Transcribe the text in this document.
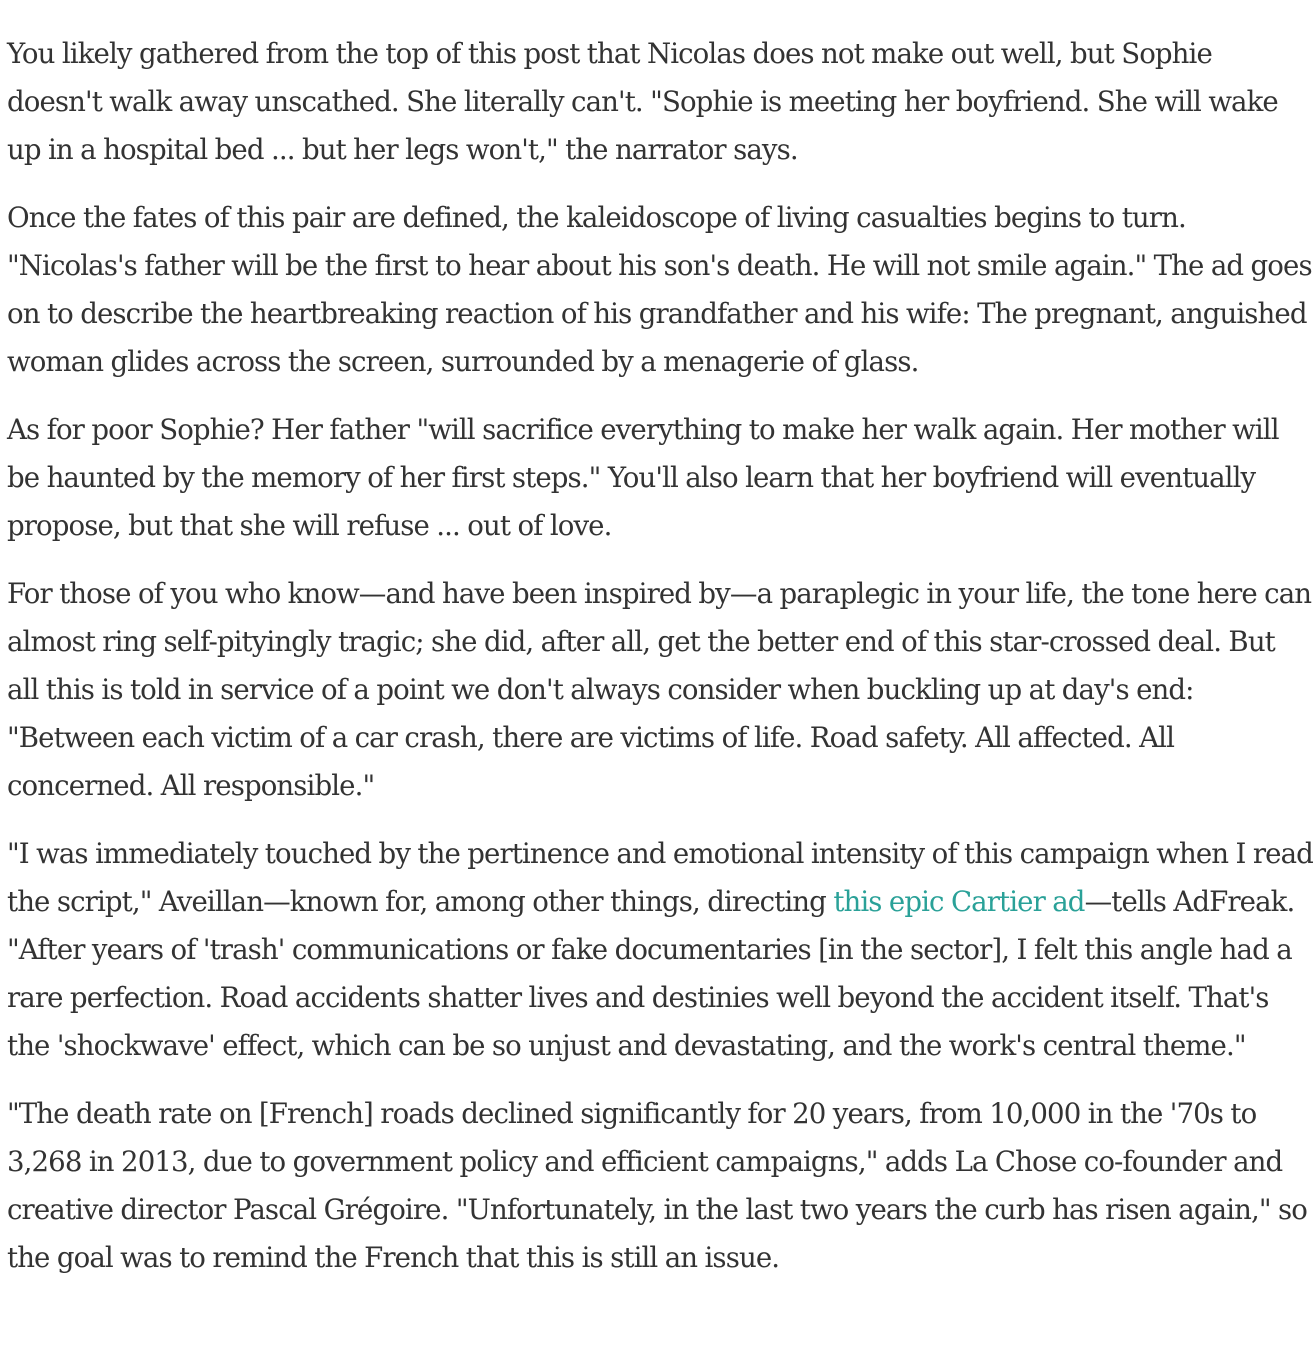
You likely gathered from the top of this post that Nicolas does not make out well, but Sophie doesn't walk away unscathed. She literally can't. "Sophie is meeting her boyfriend. She will wake up in a hospital bed ... but her legs won't," the narrator says.

Once the fates of this pair are defined, the kaleidoscope of living casualties begins to turn. "Nicolas's father will be the first to hear about his son's death. He will not smile again." The ad goes on to describe the heartbreaking reaction of his grandfather and his wife: The pregnant, anguished woman glides across the screen, surrounded by a menagerie of glass.

As for poor Sophie? Her father "will sacrifice everything to make her walk again. Her mother will be haunted by the memory of her first steps." You'll also learn that her boyfriend will eventually propose, but that she will refuse ... out of love.

For those of you who know—and have been inspired by—a paraplegic in your life, the tone here can almost ring self-pityingly tragic; she did, after all, get the better end of this star-crossed deal. But all this is told in service of a point we don't always consider when buckling up at day's end: "Between each victim of a car crash, there are victims of life. Road safety. All affected. All concerned. All responsible."

"I was immediately touched by the pertinence and emotional intensity of this campaign when I read the script," Aveillan—known for, among other things, directing this epic Cartier ad—tells AdFreak. "After years of 'trash' communications or fake documentaries [in the sector], I felt this angle had a rare perfection. Road accidents shatter lives and destinies well beyond the accident itself. That's the 'shockwave' effect, which can be so unjust and devastating, and the work's central theme."

"The death rate on [French] roads declined significantly for 20 years, from 10,000 in the '70s to 3,268 in 2013, due to government policy and efficient campaigns," adds La Chose co-founder and creative director Pascal Grégoire. "Unfortunately, in the last two years the curb has risen again," so the goal was to remind the French that this is still an issue.
